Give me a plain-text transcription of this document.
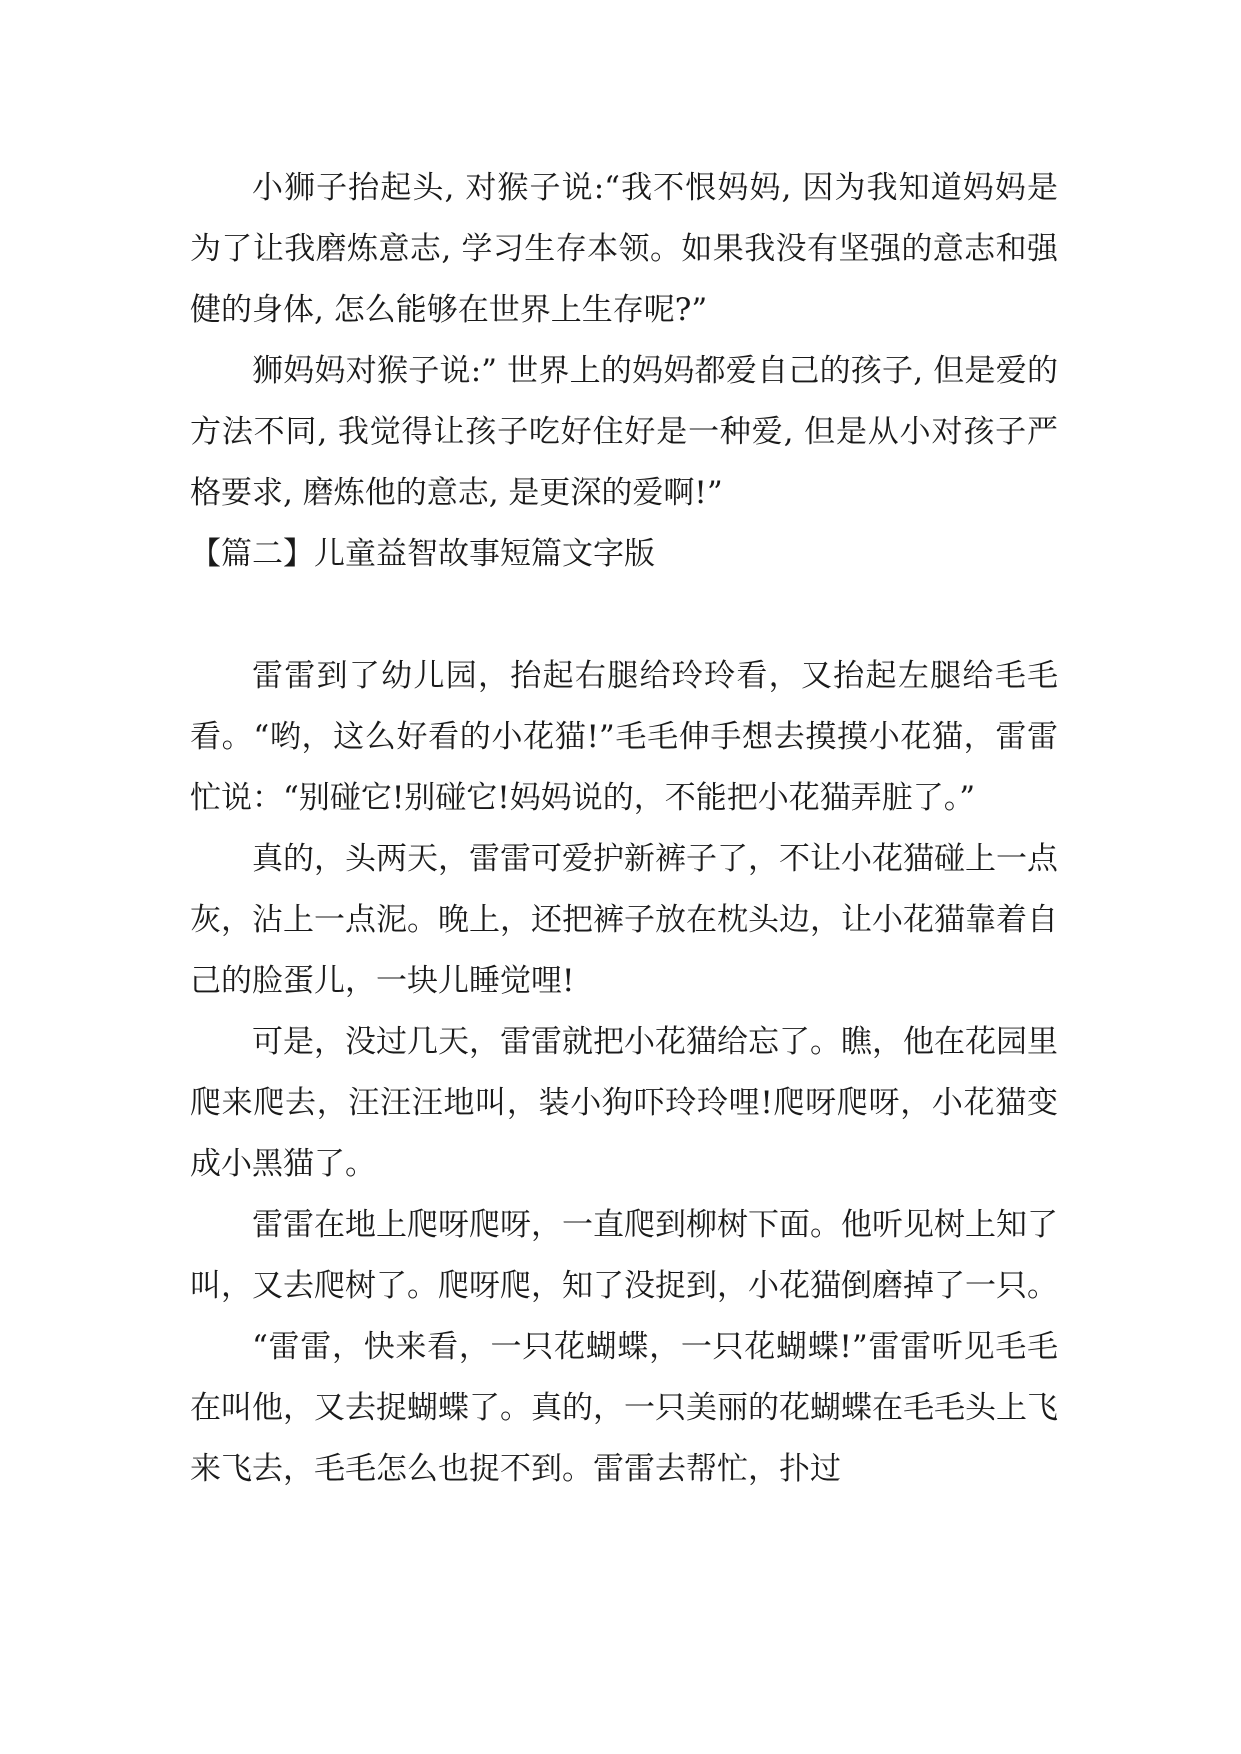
小狮子抬起头, 对猴子说:“我不恨妈妈, 因为我知道妈妈是为了让我磨炼意志, 学习生存本领。如果我没有坚强的意志和强健的身体, 怎么能够在世界上生存呢?”

狮妈妈对猴子说:” 世界上的妈妈都爱自己的孩子, 但是爱的方法不同, 我觉得让孩子吃好住好是一种爱, 但是从小对孩子严格要求, 磨炼他的意志, 是更深的爱啊!”

【篇二】儿童益智故事短篇文字版

雷雷到了幼儿园，抬起右腿给玲玲看，又抬起左腿给毛毛看。“哟，这么好看的小花猫!”毛毛伸手想去摸摸小花猫，雷雷忙说：“别碰它!别碰它!妈妈说的，不能把小花猫弄脏了。”

真的，头两天，雷雷可爱护新裤子了，不让小花猫碰上一点灰，沾上一点泥。晚上，还把裤子放在枕头边，让小花猫靠着自己的脸蛋儿，一块儿睡觉哩!

可是，没过几天，雷雷就把小花猫给忘了。瞧，他在花园里爬来爬去，汪汪汪地叫，装小狗吓玲玲哩!爬呀爬呀，小花猫变成小黑猫了。

雷雷在地上爬呀爬呀，一直爬到柳树下面。他听见树上知了叫，又去爬树了。爬呀爬，知了没捉到，小花猫倒磨掉了一只。

“雷雷，快来看，一只花蝴蝶，一只花蝴蝶!”雷雷听见毛毛在叫他，又去捉蝴蝶了。真的，一只美丽的花蝴蝶在毛毛头上飞来飞去，毛毛怎么也捉不到。雷雷去帮忙，扑过
